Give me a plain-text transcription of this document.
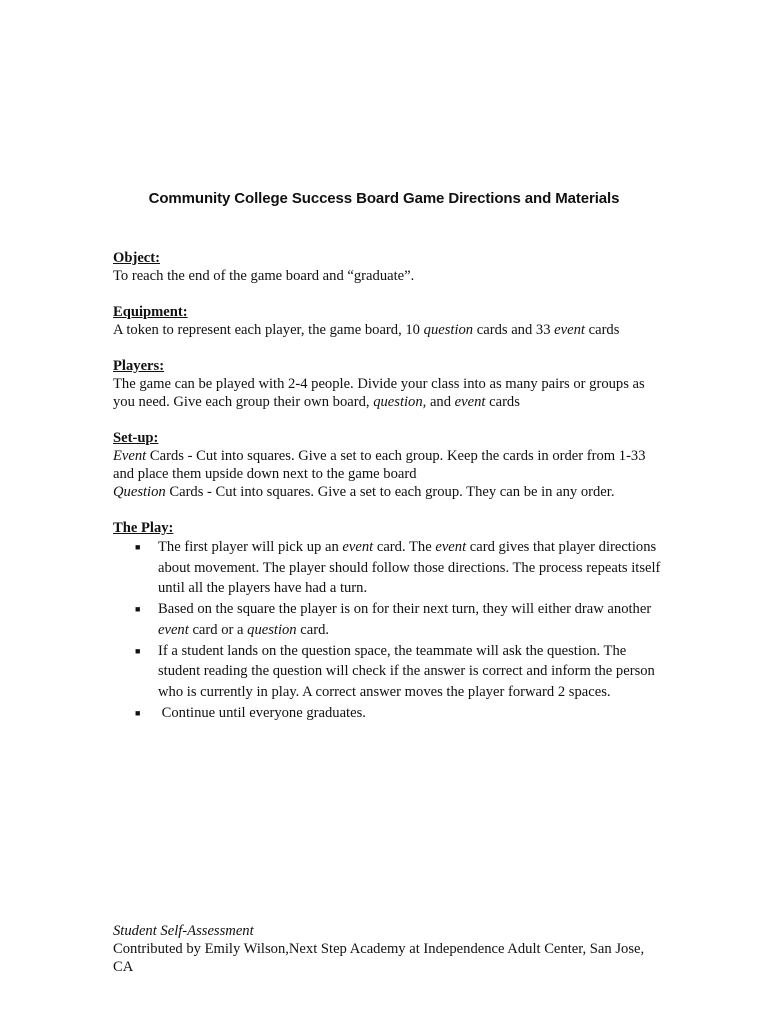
Community College Success Board Game Directions and Materials
Object:

To reach the end of the game board and “graduate”.

Equipment:

A token to represent each player, the game board, 10 question cards and 33 event cards

Players:

The game can be played with 2-4 people. Divide your class into as many pairs or groups as you need. Give each group their own board, question, and event cards

Set-up:

Event Cards - Cut into squares. Give a set to each group. Keep the cards in order from 1-33 and place them upside down next to the game board

Question Cards - Cut into squares. Give a set to each group. They can be in any order.

The Play:
■ The first player will pick up an event card. The event card gives that player directions about movement. The player should follow those directions. The process repeats itself until all the players have had a turn.
■ Based on the square the player is on for their next turn, they will either draw another event card or a question card.
■ If a student lands on the question space, the teammate will ask the question. The student reading the question will check if the answer is correct and inform the person who is currently in play. A correct answer moves the player forward 2 spaces.
■ Continue until everyone graduates.

Student Self-Assessment

Contributed by Emily Wilson,Next Step Academy at Independence Adult Center, San Jose, CA
